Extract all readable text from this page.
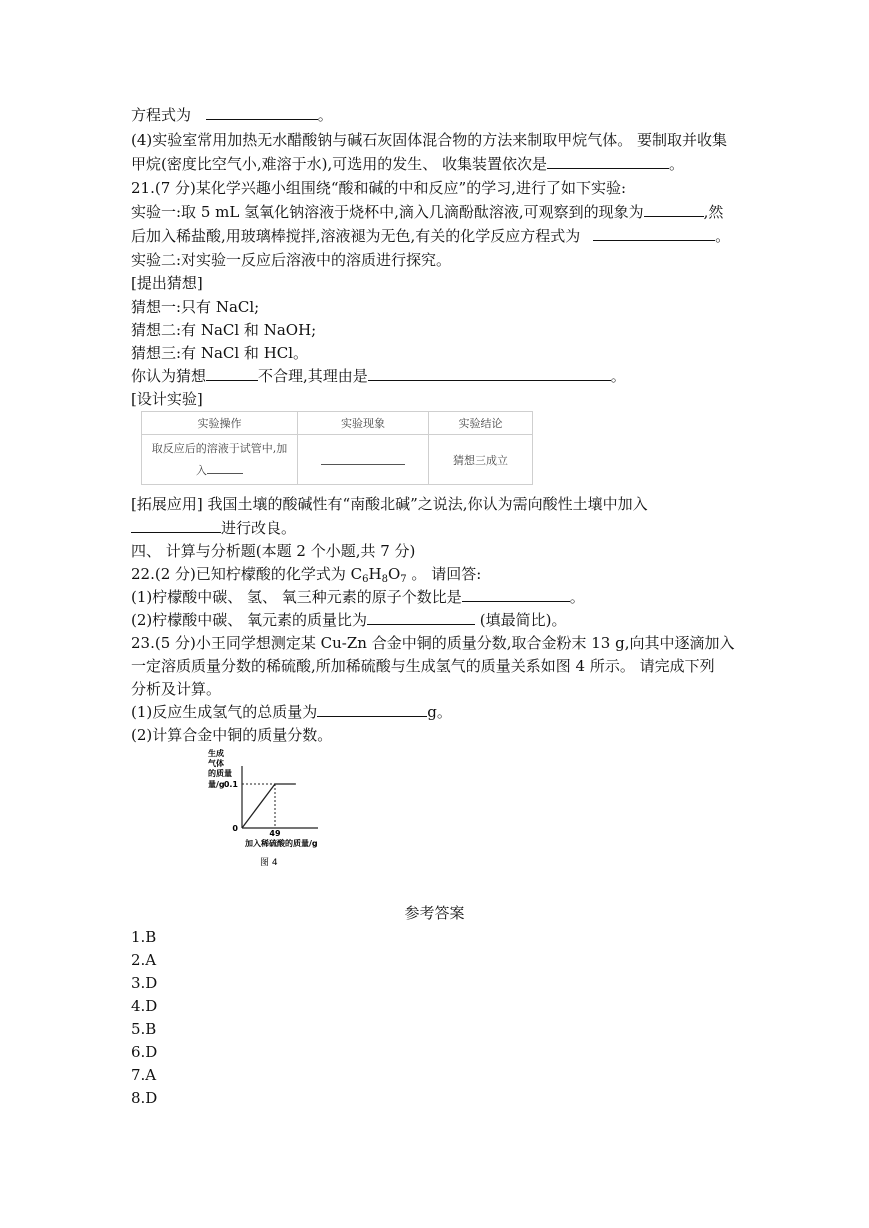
方程式为	。
(4)实验室常用加热无水醋酸钠与碱石灰固体混合物的方法来制取甲烷气体。 要制取并收集
甲烷(密度比空气小,难溶于水),可选用的发生、 收集装置依次是	。
21.(7 分)某化学兴趣小组围绕“酸和碱的中和反应”的学习,进行了如下实验:
实验一:取 5 mL 氢氧化钠溶液于烧杯中,滴入几滴酚酞溶液,可观察到的现象为	,然
后加入稀盐酸,用玻璃棒搅拌,溶液褪为无色,有关的化学反应方程式为	。
实验二:对实验一反应后溶液中的溶质进行探究。
[提出猜想]
猜想一:只有 NaCl;
猜想二:有 NaCl 和 NaOH;
猜想三:有 NaCl 和 HCl。
你认为猜想	不合理,其理由是	。
[设计实验]
实验操作	实验现象	实验结论

取反应后的溶液于试管中,加
入		猜想三成立
[拓展应用] 我国土壤的酸碱性有“南酸北碱”之说法,你认为需向酸性土壤中加入
进行改良。
四、 计算与分析题(本题 2 个小题,共 7 分)
22.(2 分)已知柠檬酸的化学式为 $C_6H_8O_7$ 。 请回答:
(1)柠檬酸中碳、 氢、 氧三种元素的原子个数比是	。
(2)柠檬酸中碳、 氧元素的质量比为	(填最简比)。
23.(5 分)小王同学想测定某 Cu-Zn 合金中铜的质量分数,取合金粉末 13 g,向其中逐滴加入
一定溶质质量分数的稀硫酸,所加稀硫酸与生成氢气的质量关系如图 4 所示。 请完成下列
分析及计算。
(1)反应生成氢气的总质量为	g。
(2)计算合金中铜的质量分数。
生成
气体
的质量
量/g 0.1
0
49
加入稀硫酸的质量/g
图 4
参考答案
1.B
2.A
3.D
4.D
5.B
6.D
7.A
8.D
